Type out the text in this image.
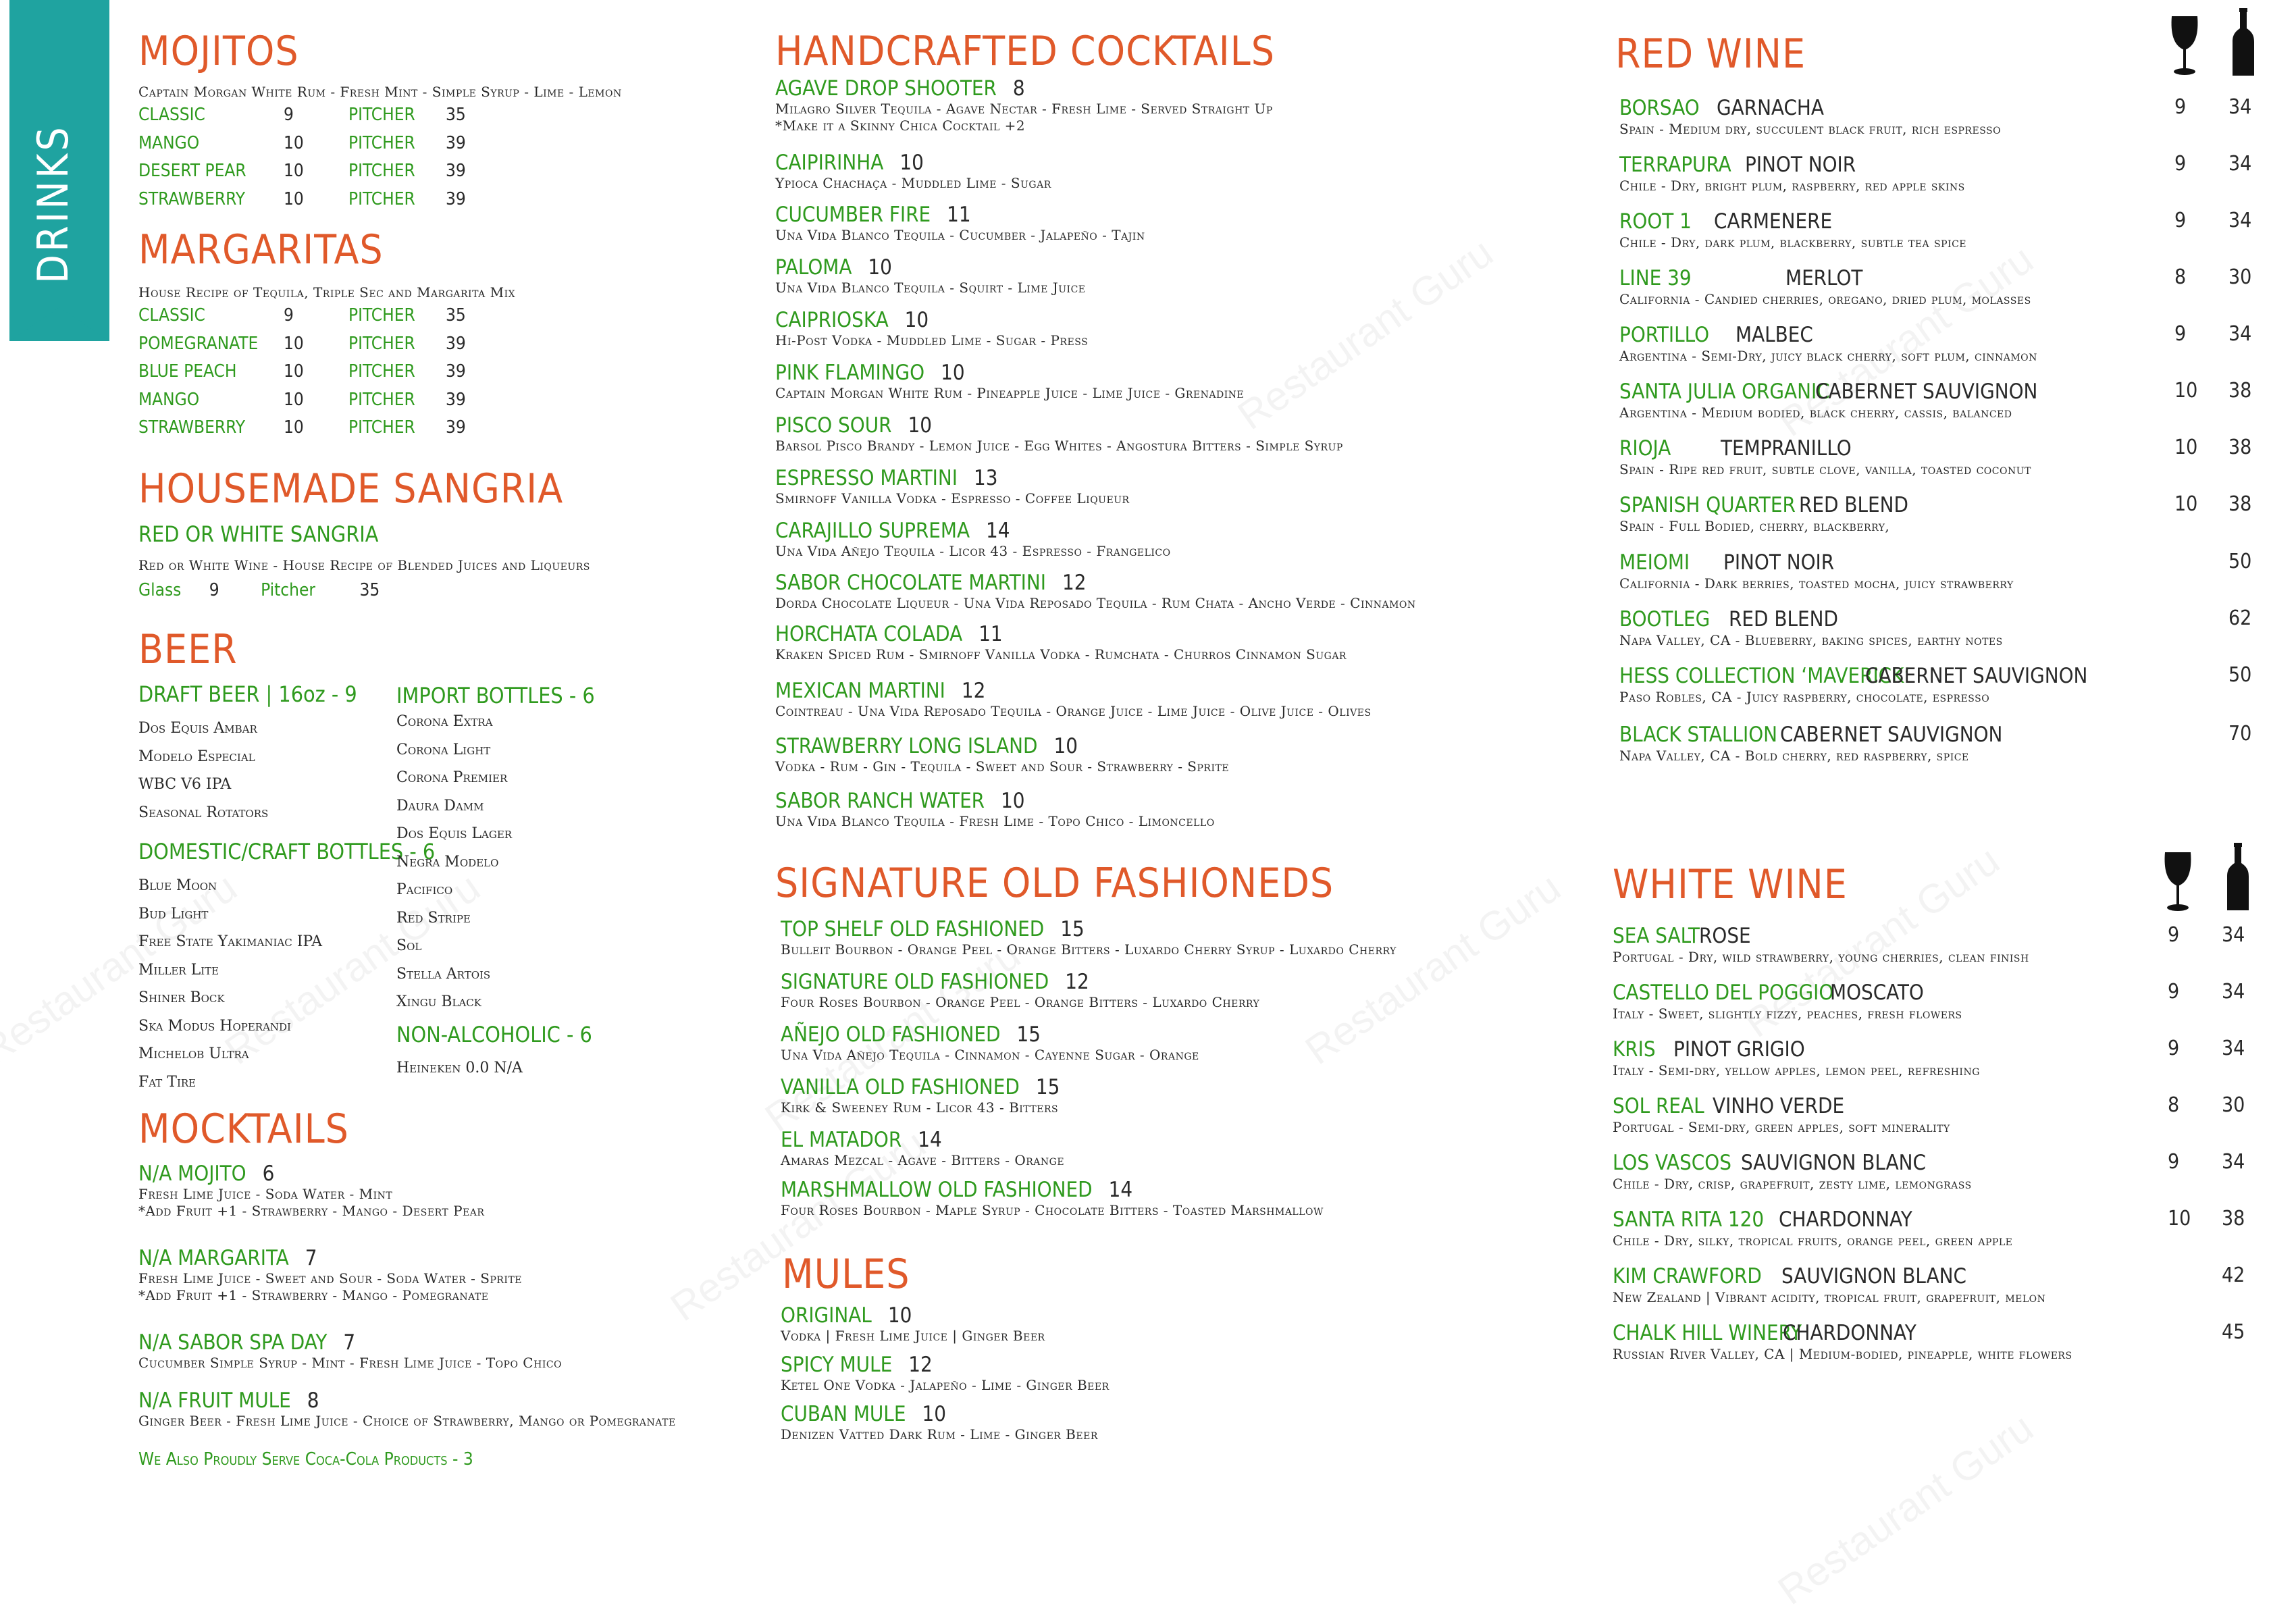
DRINKS
MOJITOS
Captain Morgan White Rum - Fresh Mint - Simple Syrup - Lime - Lemon
CLASSIC	9	PITCHER 35
MANGO	10	PITCHER 39
DESERT PEAR 10	PITCHER 39
STRAWBERRY 10	PITCHER 39
MARGARITAS
House Recipe of Tequila, Triple Sec and Margarita Mix
CLASSIC	9	PITCHER 35
POMEGRANATE 10	PITCHER 39
BLUE PEACH	10	PITCHER 39
MANGO	10	PITCHER 39
STRAWBERRY 10	PITCHER 39
HOUSEMADE SANGRIA
RED OR WHITE SANGRIA
Red or White Wine - House Recipe of Blended Juices and Liqueurs
Glass 9 Pitcher	35
BEER
DRAFT BEER | 16oz - 9
Dos Equis Ambar
Modelo Especial
WBC V6 IPA
Seasonal Rotators
DOMESTIC/CRAFT BOTTLES - 6
Blue Moon
Bud Light
Free State Yakimaniac IPA
Miller Lite
Shiner Bock
Ska Modus Hoperandi
Michelob Ultra
Fat Tire
IMPORT BOTTLES - 6
Corona Extra
Corona Light
Corona Premier
Daura Damm
Dos Equis Lager
Negra Modelo
Pacifico
Red Stripe
Sol
Stella Artois
Xingu Black
NON-ALCOHOLIC - 6
Heineken 0.0 N/A
MOCKTAILS
N/A MOJITO 6
Fresh Lime Juice - Soda Water - Mint
*Add Fruit +1 - Strawberry - Mango - Desert Pear
N/A MARGARITA 7
Fresh Lime Juice - Sweet and Sour - Soda Water - Sprite
*Add Fruit +1 - Strawberry - Mango - Pomegranate
N/A SABOR SPA DAY 7
Cucumber Simple Syrup - Mint - Fresh Lime Juice - Topo Chico
N/A FRUIT MULE 8
Ginger Beer - Fresh Lime Juice - Choice of Strawberry, Mango or Pomegranate
We Also Proudly Serve Coca-Cola Products - 3
HANDCRAFTED COCKTAILS
AGAVE DROP SHOOTER 8
Milagro Silver Tequila - Agave Nectar - Fresh Lime - Served Straight Up
*Make it a Skinny Chica Cocktail +2
CAIPIRINHA 10
Ypioca Chachaça - Muddled Lime - Sugar
CUCUMBER FIRE 11
Una Vida Blanco Tequila - Cucumber - Jalapeño - Tajin
PALOMA 10
Una Vida Blanco Tequila - Squirt - Lime Juice
CAIPRIOSKA 10
Hi-Post Vodka - Muddled Lime - Sugar - Press
PINK FLAMINGO 10
Captain Morgan White Rum - Pineapple Juice - Lime Juice - Grenadine
PISCO SOUR 10
Barsol Pisco Brandy - Lemon Juice - Egg Whites - Angostura Bitters - Simple Syrup
ESPRESSO MARTINI 13
Smirnoff Vanilla Vodka - Espresso - Coffee Liqueur
CARAJILLO SUPREMA 14
Una Vida Añejo Tequila - Licor 43 - Espresso - Frangelico
SABOR CHOCOLATE MARTINI 12
Dorda Chocolate Liqueur - Una Vida Reposado Tequila - Rum Chata - Ancho Verde - Cinnamon
HORCHATA COLADA 11
Kraken Spiced Rum - Smirnoff Vanilla Vodka - Rumchata - Churros Cinnamon Sugar
MEXICAN MARTINI 12
Cointreau - Una Vida Reposado Tequila - Orange Juice - Lime Juice - Olive Juice - Olives
STRAWBERRY LONG ISLAND 10
Vodka - Rum - Gin - Tequila - Sweet and Sour - Strawberry - Sprite
SABOR RANCH WATER 10
Una Vida Blanco Tequila - Fresh Lime - Topo Chico - Limoncello
SIGNATURE OLD FASHIONEDS
TOP SHELF OLD FASHIONED 15
Bulleit Bourbon - Orange Peel - Orange Bitters - Luxardo Cherry Syrup - Luxardo Cherry
SIGNATURE OLD FASHIONED 12
Four Roses Bourbon - Orange Peel - Orange Bitters - Luxardo Cherry
AÑEJO OLD FASHIONED 15
Una Vida Añejo Tequila - Cinnamon - Cayenne Sugar - Orange
VANILLA OLD FASHIONED 15
Kirk & Sweeney Rum - Licor 43 - Bitters
EL MATADOR 14
Amaras Mezcal - Agave - Bitters - Orange
MARSHMALLOW OLD FASHIONED 14
Four Roses Bourbon - Maple Syrup - Chocolate Bitters - Toasted Marshmallow
MULES
ORIGINAL 10
Vodka | Fresh Lime Juice | Ginger Beer
SPICY MULE 12
Ketel One Vodka - Jalapeño - Lime - Ginger Beer
CUBAN MULE 10
Denizen Vatted Dark Rum - Lime - Ginger Beer
RED WINE
BORSAO GARNACHA
Spain - Medium dry, succulent black fruit, rich espresso
9 34
TERRAPURA PINOT NOIR
Chile - Dry, bright plum, raspberry, red apple skins
9 34
ROOT 1 CARMENERE
Chile - Dry, dark plum, blackberry, subtle tea spice
9 34
LINE 39	MERLOT
California - Candied cherries, oregano, dried plum, molasses
8 30
PORTILLO MALBEC
Argentina - Semi-Dry, juicy black cherry, soft plum, cinnamon
9 34
SANTA JULIA ORGANIC
CABERNET SAUVIGNON
Argentina - Medium bodied, black cherry, cassis, balanced
10 38
RIOJA TEMPRANILLO
Spain - Ripe red fruit, subtle clove, vanilla, toasted coconut
10 38
SPANISH QUARTER RED BLEND
Spain - Full Bodied, cherry, blackberry,
10 38
MEIOMI PINOT NOIR
California - Dark berries, toasted mocha, juicy strawberry
50
BOOTLEG RED BLEND
Napa Valley, CA - Blueberry, baking spices, earthy notes
62
HESS COLLECTION ‘MAVERICK’
CABERNET SAUVIGNON
Paso Robles, CA - Juicy raspberry, chocolate, espresso
50
BLACK STALLION CABERNET SAUVIGNON
Napa Valley, CA - Bold cherry, red raspberry, spice
70
WHITE WINE
SEA SALT ROSE
Portugal - Dry, wild strawberry, young cherries, clean finish
9 34
CASTELLO DEL POGGIO
MOSCATO
Italy - Sweet, slightly fizzy, peaches, fresh flowers
9 34
KRIS PINOT GRIGIO
Italy - Semi-dry, yellow apples, lemon peel, refreshing
9 34
SOL REAL VINHO VERDE
Portugal - Semi-dry, green apples, soft minerality
8 30
LOS VASCOS SAUVIGNON BLANC
Chile - Dry, crisp, grapefruit, zesty lime, lemongrass
9 34
SANTA RITA 120 CHARDONNAY
Chile - Dry, silky, tropical fruits, orange peel, green apple
10 38
KIM CRAWFORD SAUVIGNON BLANC
New Zealand | Vibrant acidity, tropical fruit, grapefruit, melon
42
CHALK HILL WINERY
CHARDONNAY
Russian River Valley, CA | Medium-bodied, pineapple, white flowers
45
